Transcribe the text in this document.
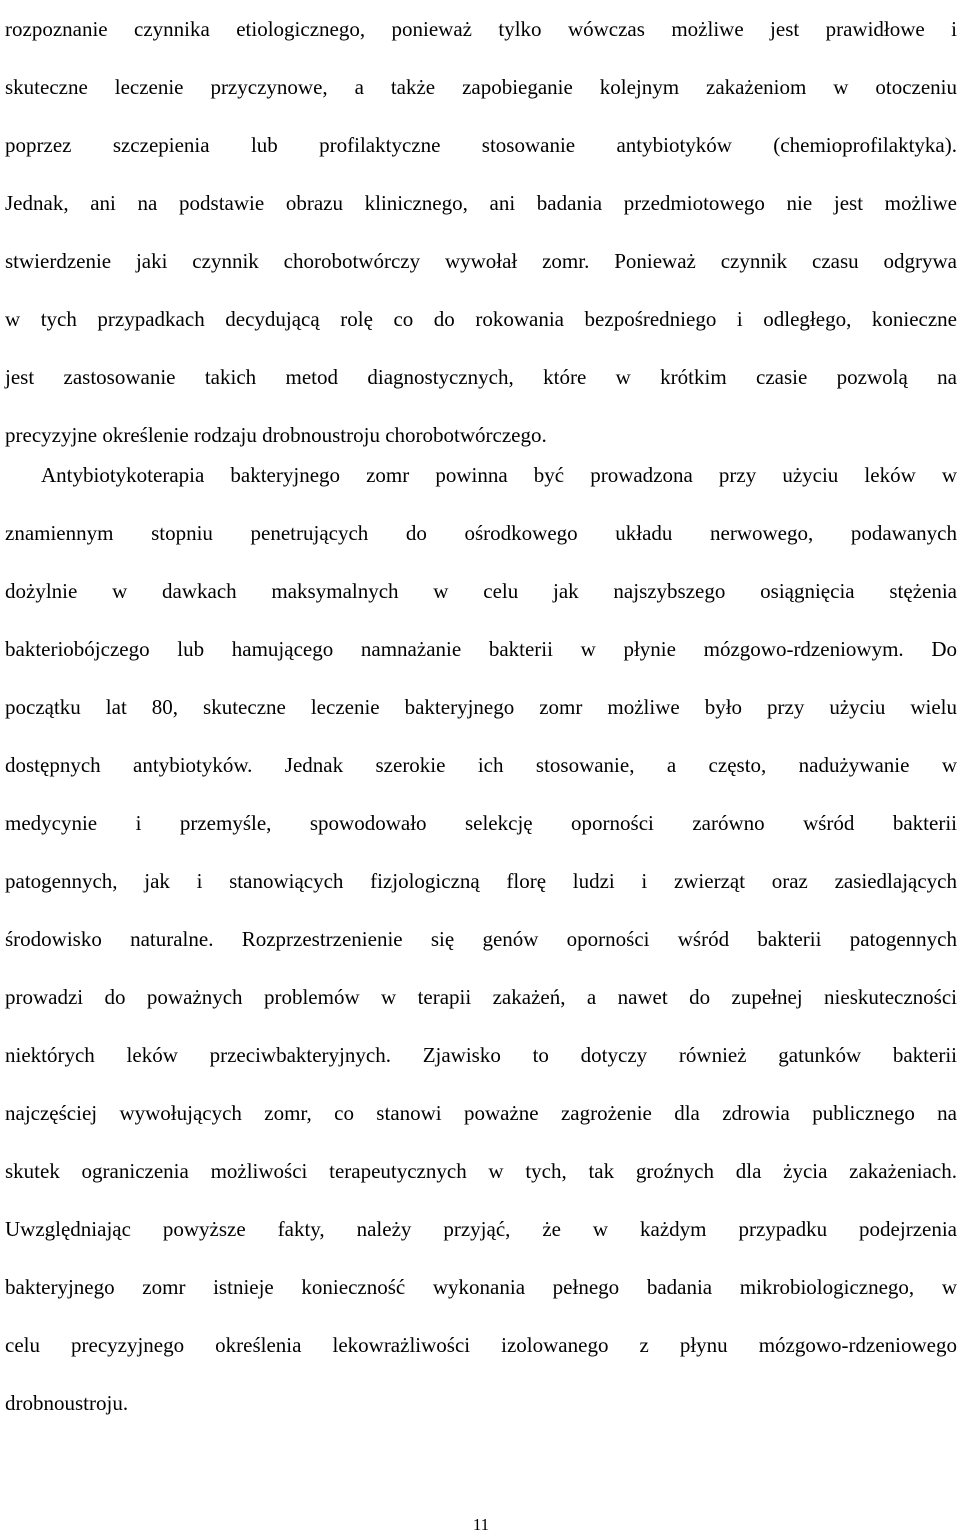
rozpoznanie czynnika etiologicznego, ponieważ tylko wówczas możliwe jest prawidłowe i
skuteczne leczenie przyczynowe, a także zapobieganie kolejnym zakażeniom w otoczeniu
poprzez szczepienia lub profilaktyczne stosowanie antybiotyków (chemioprofilaktyka).
Jednak, ani na podstawie obrazu klinicznego, ani badania przedmiotowego nie jest możliwe
stwierdzenie jaki czynnik chorobotwórczy wywołał zomr. Ponieważ czynnik czasu odgrywa
w tych przypadkach decydującą rolę co do rokowania bezpośredniego i odległego, konieczne
jest zastosowanie takich metod diagnostycznych, które w krótkim czasie pozwolą na
precyzyjne określenie rodzaju drobnoustroju chorobotwórczego.
Antybiotykoterapia bakteryjnego zomr powinna być prowadzona przy użyciu leków w
znamiennym stopniu penetrujących do ośrodkowego układu nerwowego, podawanych
dożylnie w dawkach maksymalnych w celu jak najszybszego osiągnięcia stężenia
bakteriobójczego lub hamującego namnażanie bakterii w płynie mózgowo-rdzeniowym. Do
początku lat 80, skuteczne leczenie bakteryjnego zomr możliwe było przy użyciu wielu
dostępnych antybiotyków. Jednak szerokie ich stosowanie, a często, nadużywanie w
medycynie i przemyśle, spowodowało selekcję oporności zarówno wśród bakterii
patogennych, jak i stanowiących fizjologiczną florę ludzi i zwierząt oraz zasiedlających
środowisko naturalne. Rozprzestrzenienie się genów oporności wśród bakterii patogennych
prowadzi do poważnych problemów w terapii zakażeń, a nawet do zupełnej nieskuteczności
niektórych leków przeciwbakteryjnych. Zjawisko to dotyczy również gatunków bakterii
najczęściej wywołujących zomr, co stanowi poważne zagrożenie dla zdrowia publicznego na
skutek ograniczenia możliwości terapeutycznych w tych, tak groźnych dla życia zakażeniach.
Uwzględniając powyższe fakty, należy przyjąć, że w każdym przypadku podejrzenia
bakteryjnego zomr istnieje konieczność wykonania pełnego badania mikrobiologicznego, w
celu precyzyjnego określenia lekowrażliwości izolowanego z płynu mózgowo-rdzeniowego
drobnoustroju.
11
